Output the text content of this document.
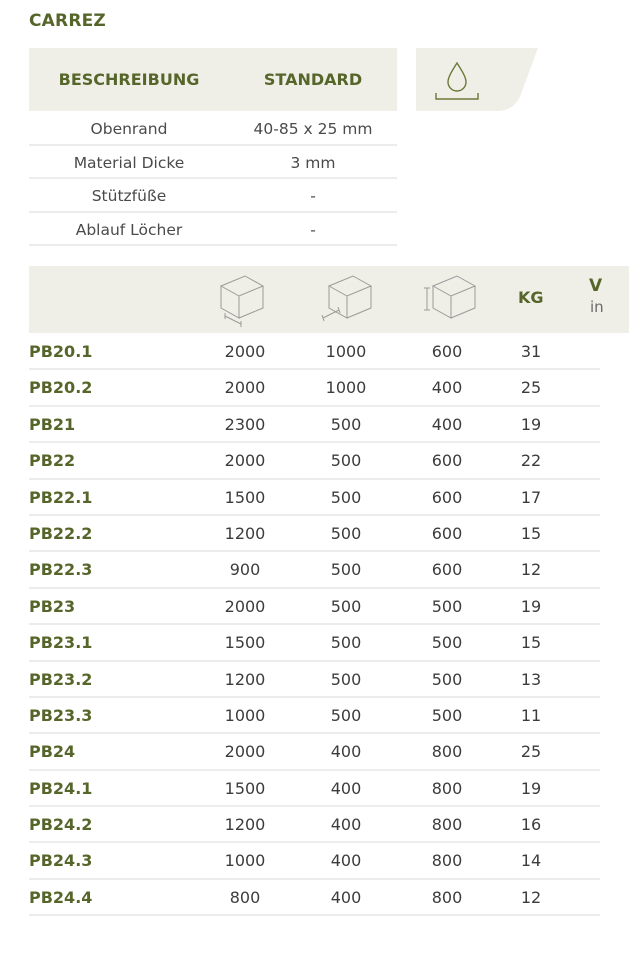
CARREZ
BESCHREIBUNG	STANDARD
Obenrand	40-85 x 25 mm
Material Dicke	3 mm
Stützfüße	-
Ablauf Löcher	-
KG
V
in
PB20.1	2000	1000	600	31
PB20.2	2000	1000	400	25
PB21	2300	500	400	19
PB22	2000	500	600	22
PB22.1	1500	500	600	17
PB22.2	1200	500	600	15
PB22.3	900	500	600	12
PB23	2000	500	500	19
PB23.1	1500	500	500	15
PB23.2	1200	500	500	13
PB23.3	1000	500	500	11
PB24	2000	400	800	25
PB24.1	1500	400	800	19
PB24.2	1200	400	800	16
PB24.3	1000	400	800	14
PB24.4	800	400	800	12
